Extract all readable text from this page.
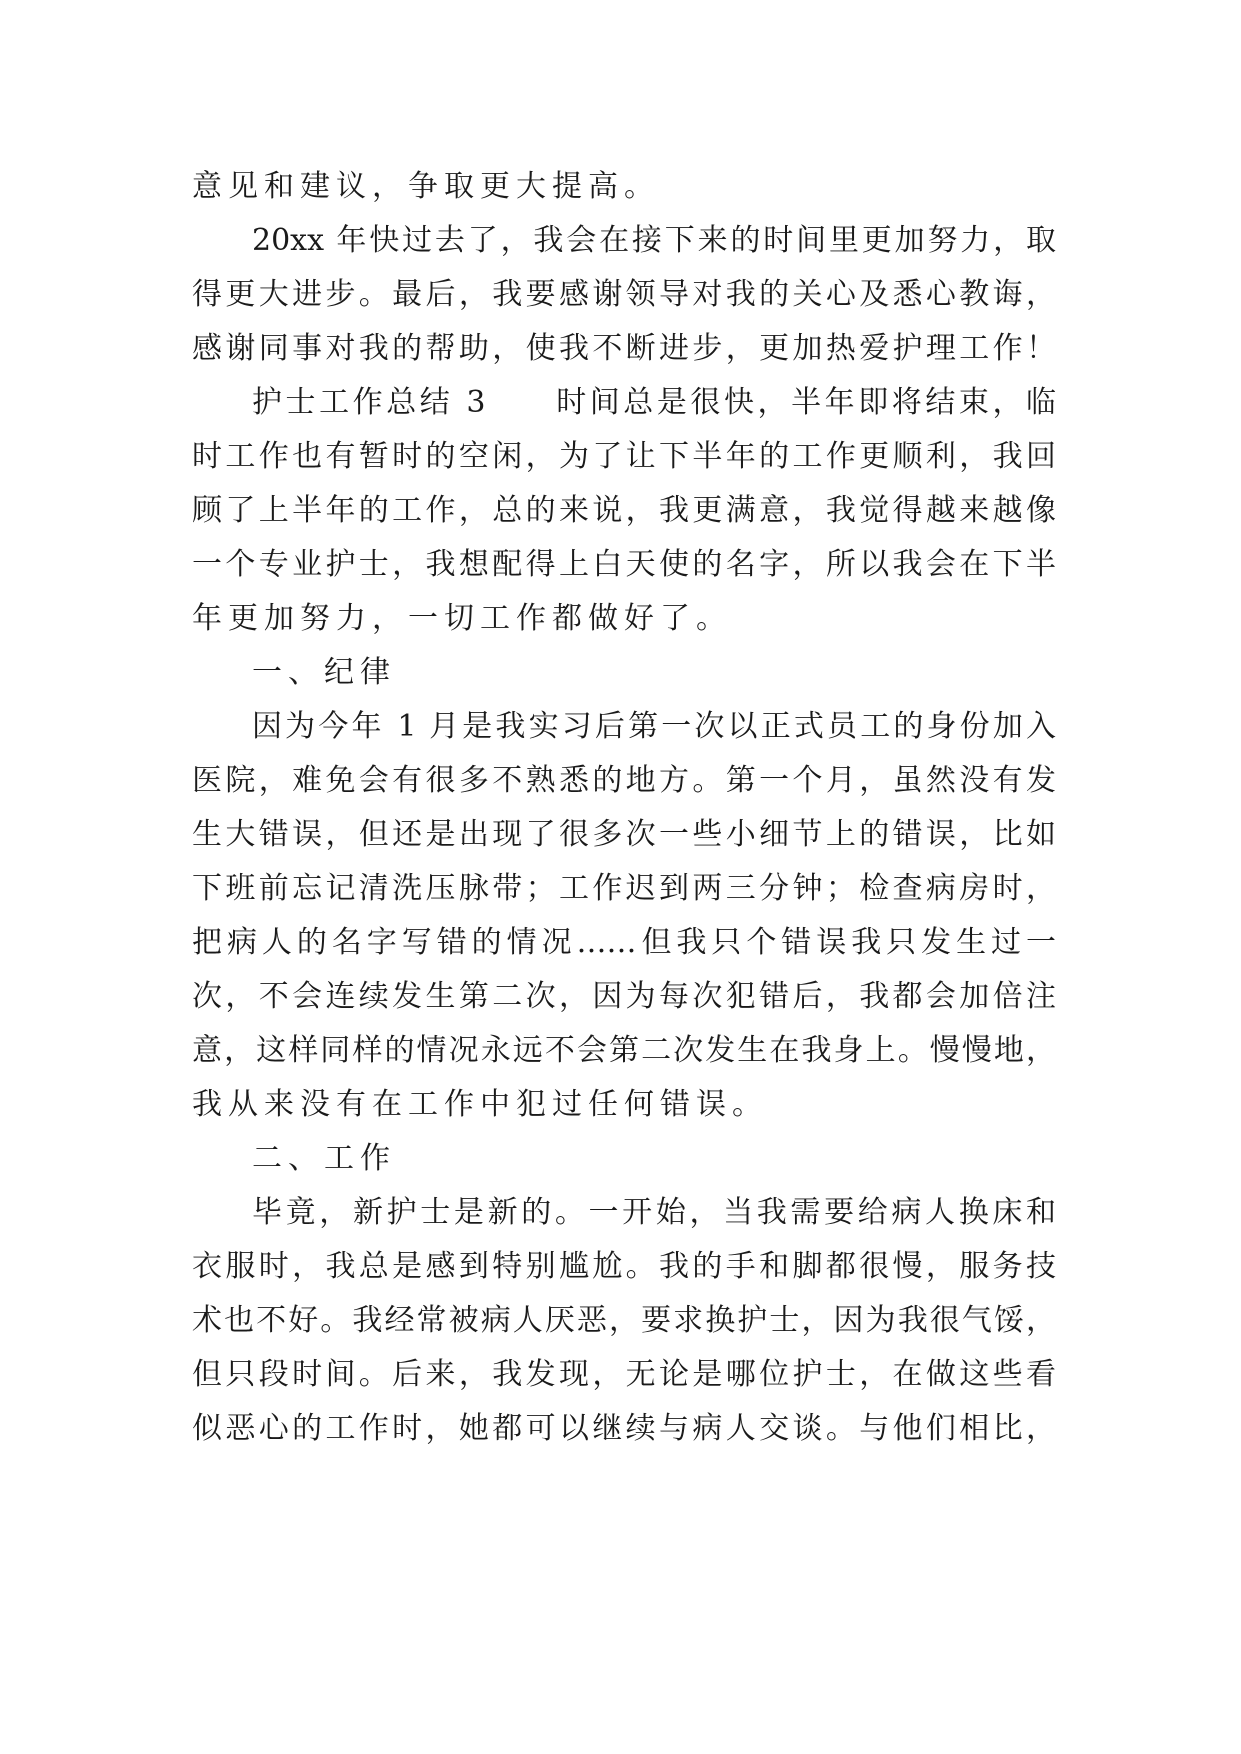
意见和建议，争取更大提高。
20xx 年快过去了，我会在接下来的时间里更加努力，取
得更大进步。最后，我要感谢领导对我的关心及悉心教诲，
感谢同事对我的帮助，使我不断进步，更加热爱护理工作！
护士工作总结 3　　时间总是很快，半年即将结束，临
时工作也有暂时的空闲，为了让下半年的工作更顺利，我回
顾了上半年的工作，总的来说，我更满意，我觉得越来越像
一个专业护士，我想配得上白天使的名字，所以我会在下半
年更加努力，一切工作都做好了。
一、纪律
因为今年 1 月是我实习后第一次以正式员工的身份加入
医院，难免会有很多不熟悉的地方。第一个月，虽然没有发
生大错误，但还是出现了很多次一些小细节上的错误，比如
下班前忘记清洗压脉带；工作迟到两三分钟；检查病房时，
把病人的名字写错的情况……但我只个错误我只发生过一
次，不会连续发生第二次，因为每次犯错后，我都会加倍注
意，这样同样的情况永远不会第二次发生在我身上。慢慢地，
我从来没有在工作中犯过任何错误。
二、工作
毕竟，新护士是新的。一开始，当我需要给病人换床和
衣服时，我总是感到特别尴尬。我的手和脚都很慢，服务技
术也不好。我经常被病人厌恶，要求换护士，因为我很气馁，
但只段时间。后来，我发现，无论是哪位护士，在做这些看
似恶心的工作时，她都可以继续与病人交谈。与他们相比，
